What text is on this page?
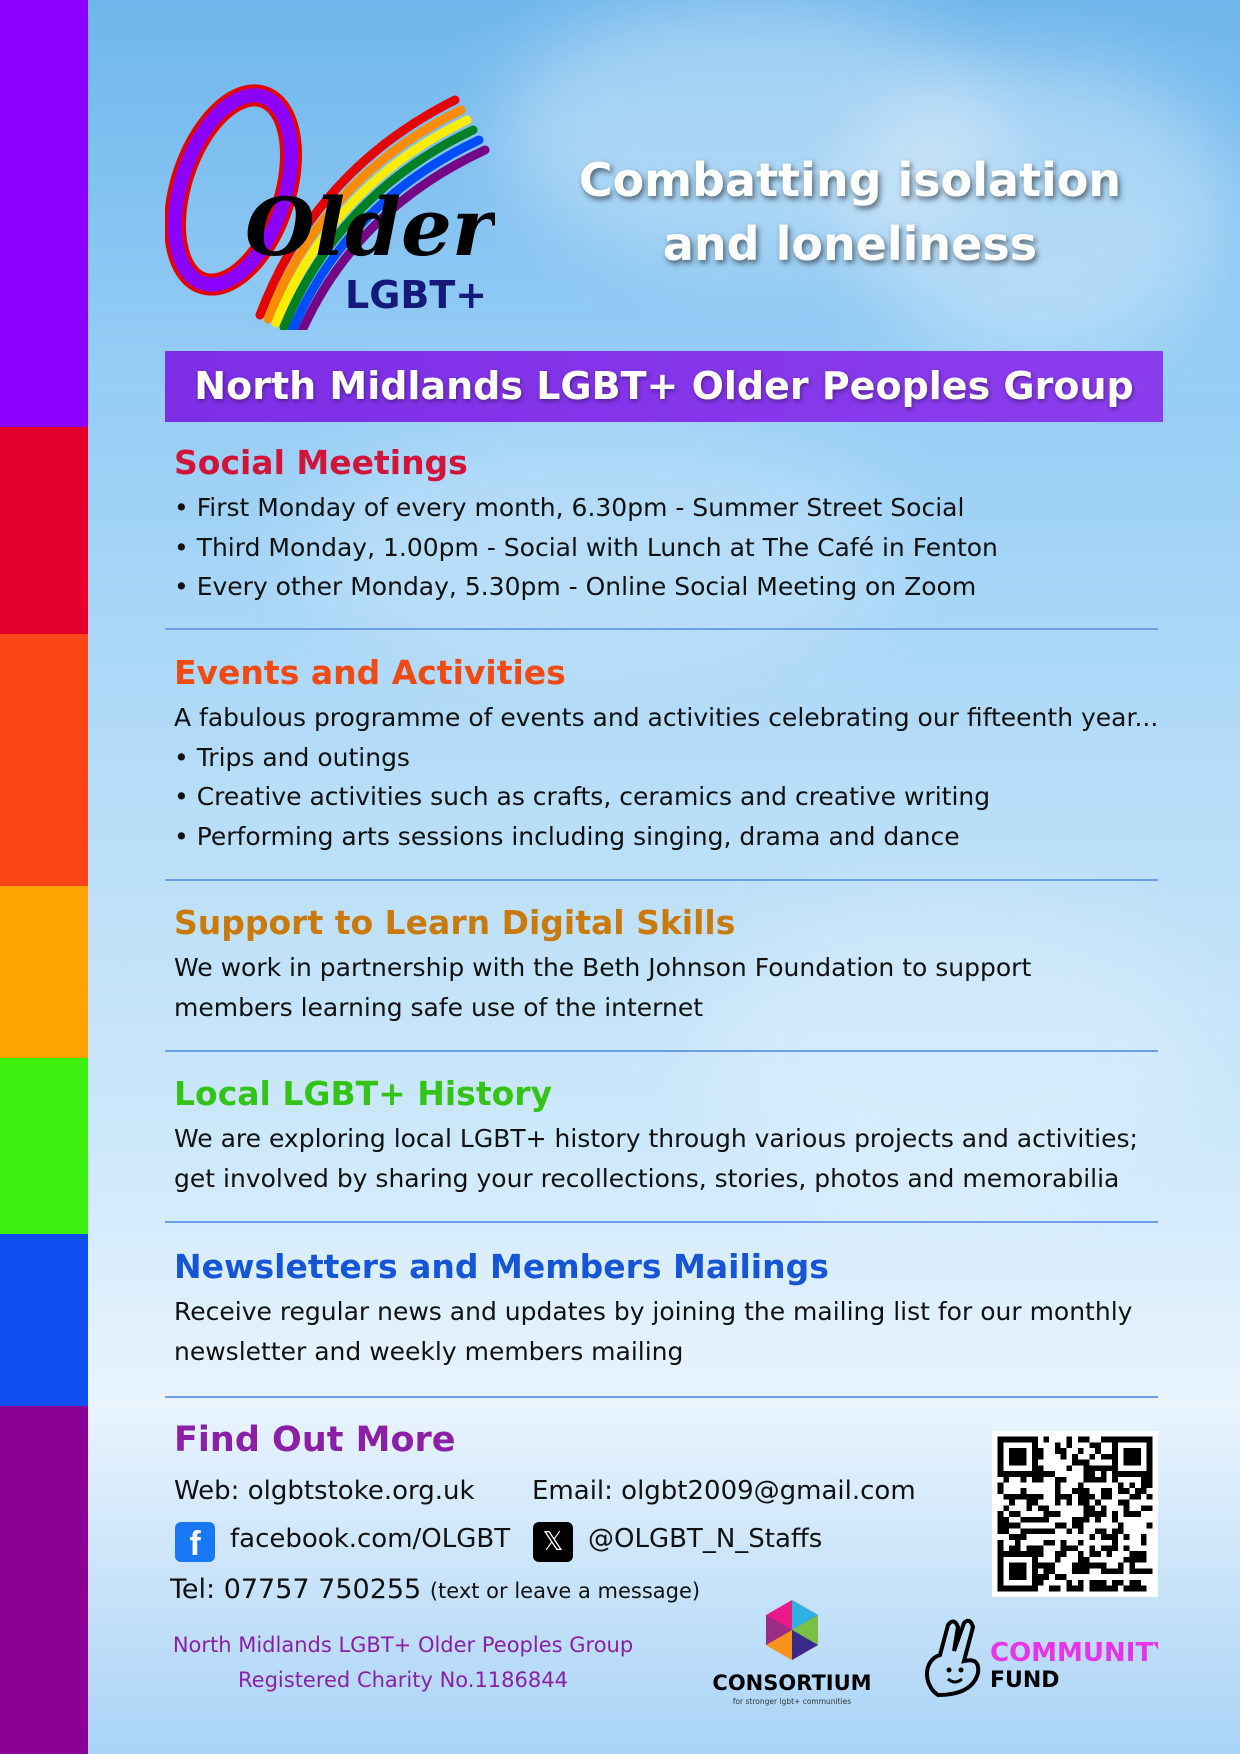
Older
LGBT+
Combatting isolation
and loneliness
North Midlands LGBT+ Older Peoples Group
Social Meetings
• First Monday of every month, 6.30pm - Summer Street Social
• Third Monday, 1.00pm - Social with Lunch at The Café in Fenton
• Every other Monday, 5.30pm - Online Social Meeting on Zoom
Events and Activities
A fabulous programme of events and activities celebrating our fifteenth year...
• Trips and outings
• Creative activities such as crafts, ceramics and creative writing
• Performing arts sessions including singing, drama and dance
Support to Learn Digital Skills
We work in partnership with the Beth Johnson Foundation to support
members learning safe use of the internet
Local LGBT+ History
We are exploring local LGBT+ history through various projects and activities;
get involved by sharing your recollections, stories, photos and memorabilia
Newsletters and Members Mailings
Receive regular news and updates by joining the mailing list for our monthly
newsletter and weekly members mailing
Find Out More
Web: olgbtstoke.org.uk Email: olgbt2009@gmail.com
f	facebook.com/OLGBT	𝕏 @OLGBT_N_Staffs
Tel: 07757 750255 (text or leave a message)
North Midlands LGBT+ Older Peoples Group
Registered Charity No.1186844	CONSORTIUM
for stronger lgbt+ communities
COMMUNITY
FUND
